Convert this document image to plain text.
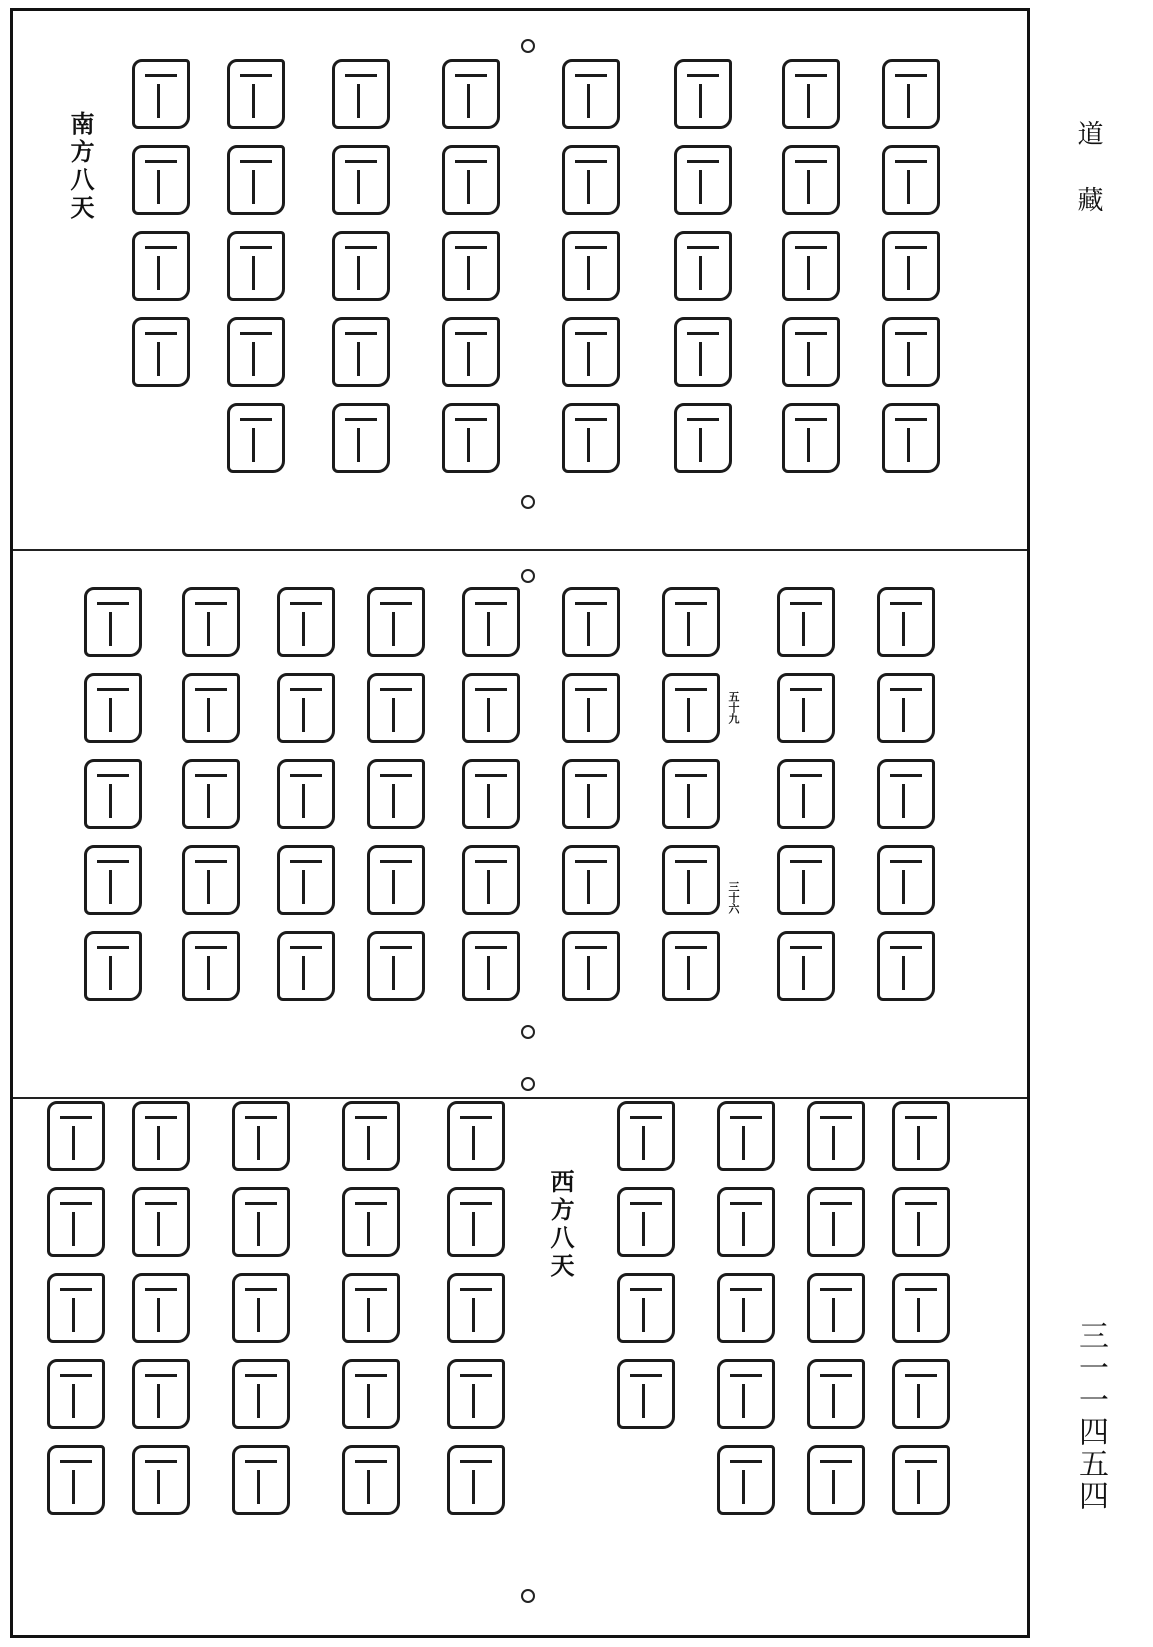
道藏
三一一四五四
南方八天
五十九
三十六
西方八天
